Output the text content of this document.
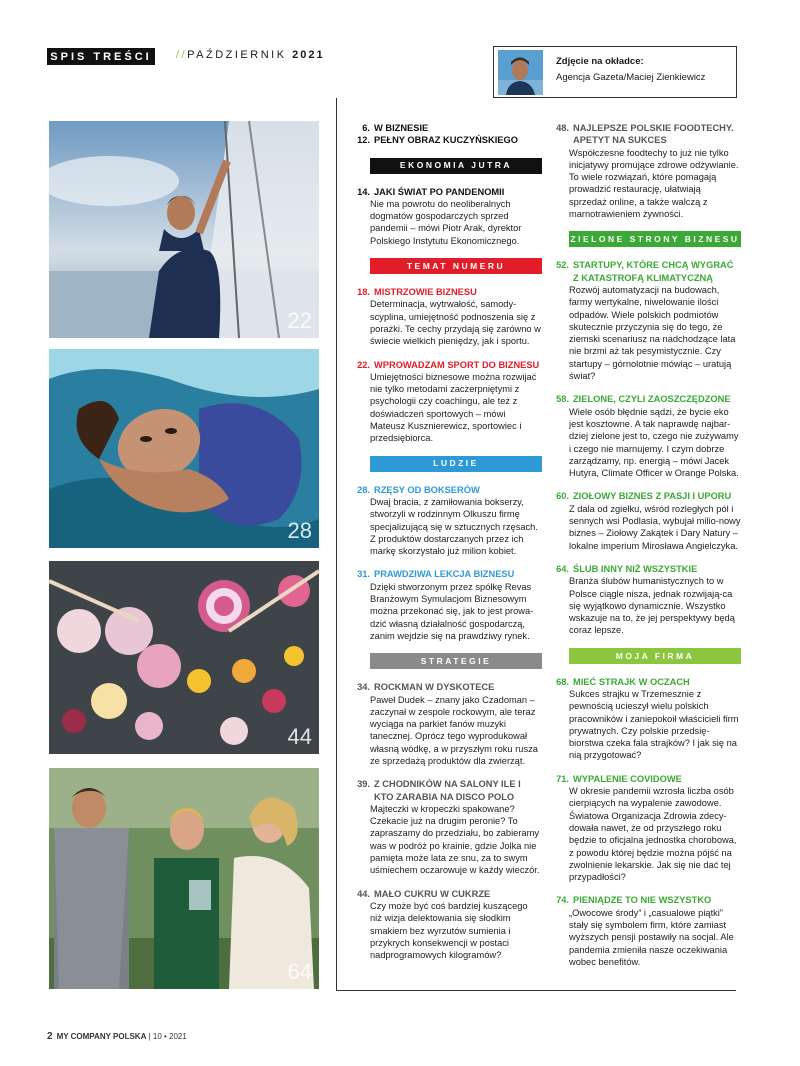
SPIS TREŚCI //PAŹDZIERNIK 2021
Zdjęcie na okładce:
Agencja Gazeta/Maciej Zienkiewicz
22
28
44
64
6. W BIZNESIE
12. PEŁNY OBRAZ KUCZYŃSKIEGO
EKONOMIA JUTRA
14. JAKI ŚWIAT PO PANDENOMII
Nie ma powrotu do neoliberalnych dogmatów gospodarczych sprzed pandemii – mówi Piotr Arak, dyrektor Polskiego Instytutu Ekonomicznego.
TEMAT NUMERU
18. MISTRZOWIE BIZNESU
Determinacja, wytrwałość, samody-scyplina, umiejętność podnoszenia się z porażki. Te cechy przydają się zarówno w świecie wielkich pieniędzy, jak i sportu.
22. WPROWADZAM SPORT DO BIZNESU
Umiejętności biznesowe można rozwijać nie tylko metodami zaczerpniętymi z psychologii czy coachingu, ale też z doświadczeń sportowych – mówi Mateusz Kusznierewicz, sportowiec i przedsiębiorca.
LUDZIE
28. RZĘSY OD BOKSERÓW
Dwaj bracia, z zamiłowania bokserzy, stworzyli w rodzinnym Olkuszu firmę specjalizującą się w sztucznych rzęsach. Z produktów dostarczanych przez ich markę skorzystało już milion kobiet.
31. PRAWDZIWA LEKCJA BIZNESU
Dzięki stworzonym przez spółkę Revas Branżowym Symulacjom Biznesowym można przekonać się, jak to jest prowa-dzić własną działalność gospodarczą, zanim wejdzie się na prawdziwy rynek.
STRATEGIE
34. ROCKMAN W DYSKOTECE
Paweł Dudek – znany jako Czadoman – zaczynał w zespole rockowym, ale teraz wyciąga na parkiet fanów muzyki tanecznej. Oprócz tego wyprodukował własną wódkę, a w przyszłym roku rusza ze sprzedażą produktów dla zwierząt.
39. Z CHODNIKÓW NA SALONY ILE I KTO ZARABIA NA DISCO POLO
Majteczki w kropeczki spakowane? Czekacie już na drugim peronie? To zapraszamy do przedziału, bo zabieramy was w podróż po krainie, gdzie Jolka nie pamięta może lata ze snu, za to swym uśmiechem oczarowuje w każdy wieczór.
44. MAŁO CUKRU W CUKRZE
Czy może być coś bardziej kuszącego niż wizja delektowania się słodkim smakiem bez wyrzutów sumienia i przykrych konsekwencji w postaci nadprogramowych kilogramów?
48. NAJLEPSZE POLSKIE FOODTECHY. APETYT NA SUKCES
Współczesne foodtechy to już nie tylko inicjatywy promujące zdrowe odżywianie. To wiele rozwiązań, które pomagają prowadzić restaurację, ułatwiają sprzedaż online, a także walczą z marnotrawieniem żywności.
ZIELONE STRONY BIZNESU
52. STARTUPY, KTÓRE CHCĄ WYGRAĆ Z KATASTROFĄ KLIMATYCZNĄ
Rozwój automatyzacji na budowach, farmy wertykalne, niwelowanie ilości odpadów. Wiele polskich podmiotów skutecznie przyczynia się do tego, że ziemski scenariusz na nadchodzące lata nie brzmi aż tak pesymistycznie. Czy startupy – górnolotnie mówiąc – uratują świat?
58. ZIELONE, CZYLI ZAOSZCZĘDZONE
Wiele osób błędnie sądzi, że bycie eko jest kosztowne. A tak naprawdę najbar-dziej zielone jest to, czego nie zużywamy i czego nie marnujemy. I czym dobrze zarządzamy, np. energią – mówi Jacek Hutyra, Climate Officer w Orange Polska.
60. ZIOŁOWY BIZNES Z PASJI I UPORU
Z dala od zgiełku, wśród rozległych pól i sennych wsi Podlasia, wybujał milio-nowy biznes – Ziołowy Zakątek i Dary Natury – lokalne imperium Mirosława Angielczyka.
64. ŚLUB INNY NIŻ WSZYSTKIE
Branża ślubów humanistycznych to w Polsce ciągle nisza, jednak rozwijają-ca się wyjątkowo dynamicznie. Wszystko wskazuje na to, że jej perspektywy będą coraz lepsze.
MOJA FIRMA
68. MIEĆ STRAJK W OCZACH
Sukces strajku w Trzemesznie z pewnością ucieszył wielu polskich pracowników i zaniepokoił właścicieli firm prywatnych. Czy polskie przedsię-biorstwa czeka fala strajków? I jak się na nią przygotować?
71. WYPALENIE COVIDOWE
W okresie pandemii wzrosła liczba osób cierpiących na wypalenie zawodowe. Światowa Organizacja Zdrowia zdecy-dowała nawet, że od przyszłego roku będzie to oficjalna jednostka chorobowa, z powodu której będzie można pójść na zwolnienie lekarskie. Jak się nie dać tej przypadłości?
74. PIENIĄDZE TO NIE WSZYSTKO
„Owocowe środy” i „casualowe piątki” stały się symbolem firm, które zamiast wyższych pensji postawiły na socjal. Ale pandemia zmieniła nasze oczekiwania wobec benefitów.
2 MY COMPANY POLSKA | 10 • 2021
